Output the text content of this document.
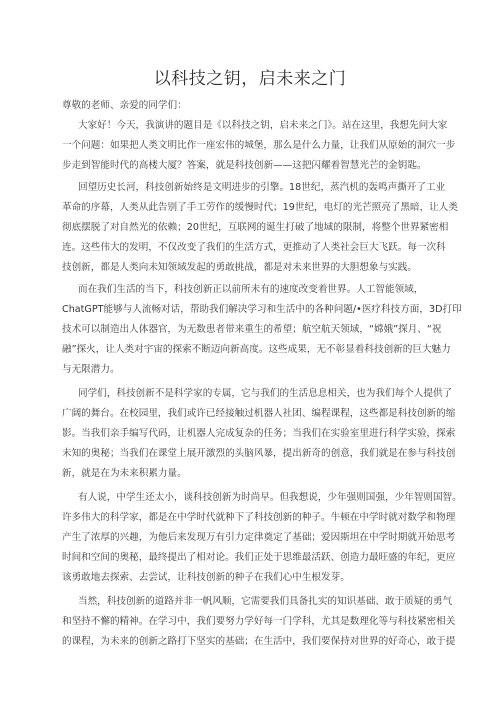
以科技之钥，启未来之门
尊敬的老师、亲爱的同学们：
大家好！今天，我演讲的题目是《以科技之钥，启未来之门》。站在这里，我想先问大家
一个问题：如果把人类文明比作一座宏伟的城堡，那么是什么力量，让我们从原始的洞穴一步
步走到智能时代的高楼大厦？答案，就是科技创新——这把闪耀着智慧光芒的金钥匙。
回望历史长河，科技创新始终是文明进步的引擎。18世纪，蒸汽机的轰鸣声撕开了工业
革命的序幕，人类从此告别了手工劳作的缓慢时代；19世纪，电灯的光芒照亮了黑暗，让人类
彻底摆脱了对自然光的依赖；20世纪，互联网的诞生打破了地域的限制，将整个世界紧密相
连。这些伟大的发明，不仅改变了我们的生活方式，更推动了人类社会巨大飞跃。每一次科
技创新，都是人类向未知领域发起的勇敢挑战，都是对未来世界的大胆想象与实践。
而在我们生活的当下，科技创新正以前所未有的速度改变着世界。人工智能领域，
ChatGPT能够与人流畅对话，帮助我们解决学习和生活中的各种问题/•医疗科技方面，3D打印
技术可以制造出人体器官，为无数患者带来重生的希望；航空航天领域，“嫦娥”探月、“祝
融”探火，让人类对宇宙的探索不断迈向新高度。这些成果，无不彰显着科技创新的巨大魅力
与无限潜力。
同学们，科技创新不是科学家的专属，它与我们的生活息息相关，也为我们每个人提供了
广阔的舞台。在校园里，我们或许已经接触过机器人社团、编程课程，这些都是科技创新的缩
影。当我们亲手编写代码，让机器人完成复杂的任务；当我们在实验室里进行科学实验，探索
未知的奥秘；当我们在课堂上展开激烈的头脑风暴，提出新奇的创意，我们就是在参与科技创
新，就是在为未来积累力量。
有人说，中学生还太小，谈科技创新为时尚早。但我想说，少年强则国强，少年智则国智。
许多伟大的科学家，都是在中学时代就种下了科技创新的种子。牛顿在中学时就对数学和物理
产生了浓厚的兴趣，为他后来发现万有引力定律奠定了基础；爱因斯坦在中学时期就开始思考
时间和空间的奥秘，最终提出了相对论。我们正处于思维最活跃、创造力最旺盛的年纪，更应
该勇敢地去探索、去尝试，让科技创新的种子在我们心中生根发芽。
当然，科技创新的道路并非一帆风顺，它需要我们具备扎实的知识基础、敢于质疑的勇气
和坚持不懈的精神。在学习中，我们要努力学好每一门学科，尤其是数理化等与科技紧密相关
的课程，为未来的创新之路打下坚实的基础；在生活中，我们要保持对世界的好奇心，敢于提
